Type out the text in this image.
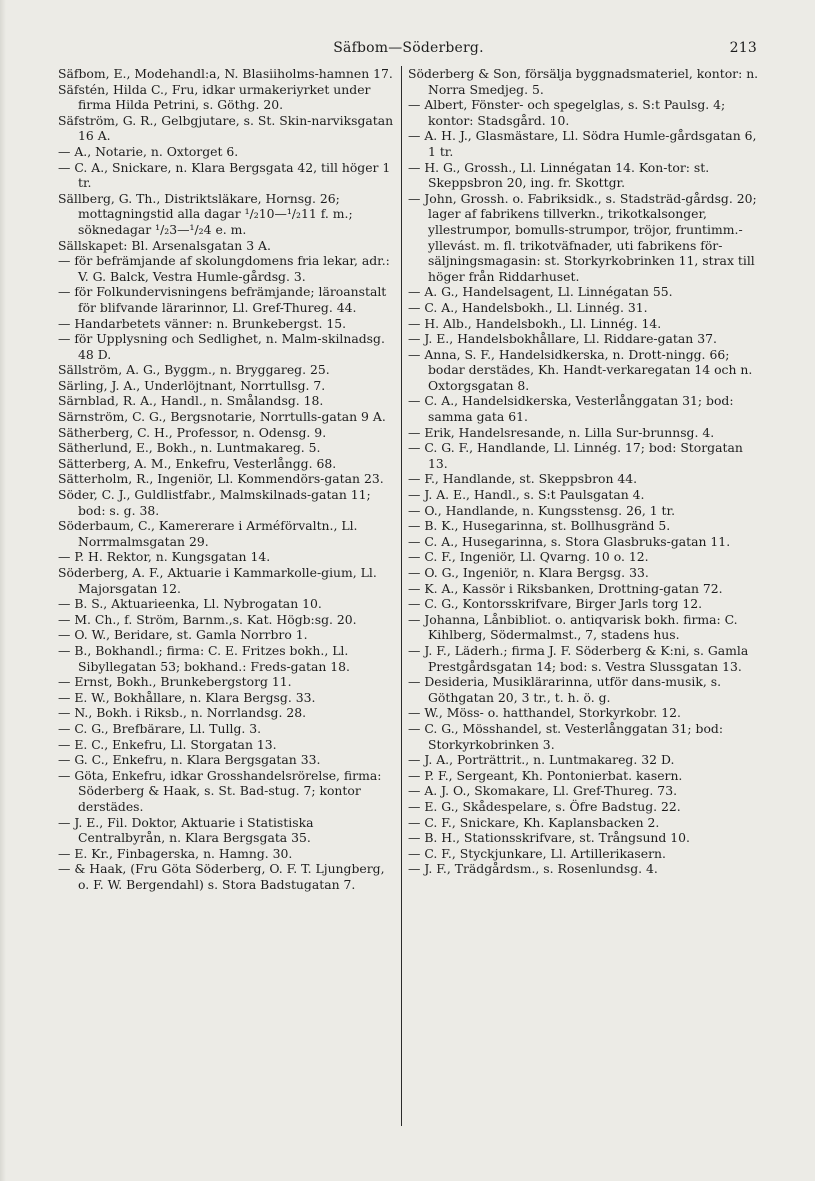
Säfbom—Söderberg.	213

Säfbom, E., Modehandl:a, N. Blasiiholms-hamnen 17.

Säfstén, Hilda C., Fru, idkar urmakeriyrket under firma Hilda Petrini, s. Göthg. 20.

Säfström, G. R., Gelbgjutare, s. St. Skin-narviksgatan 16 A.

— A., Notarie, n. Oxtorget 6.

— C. A., Snickare, n. Klara Bergsgata 42, till höger 1 tr.

Sällberg, G. Th., Distriktsläkare, Hornsg. 26; mottagningstid alla dagar ¹/₂10—¹/₂11 f. m.; söknedagar ¹/₂3—¹/₂4 e. m.

Sällskapet: Bl. Arsenalsgatan 3 A.

— för befrämjande af skolungdomens fria lekar, adr.: V. G. Balck, Vestra Humle-gårdsg. 3.

— för Folkundervisningens befrämjande; läroanstalt för blifvande lärarinnor, Ll. Gref-Thureg. 44.

— Handarbetets vänner: n. Brunkebergst. 15.

— för Upplysning och Sedlighet, n. Malm-skilnadsg. 48 D.

Sällström, A. G., Byggm., n. Bryggareg. 25.

Särling, J. A., Underlöjtnant, Norrtullsg. 7.

Särnblad, R. A., Handl., n. Smålandsg. 18.

Särnström, C. G., Bergsnotarie, Norrtulls-gatan 9 A.

Sätherberg, C. H., Professor, n. Odensg. 9.

Sätherlund, E., Bokh., n. Luntmakareg. 5.

Sätterberg, A. M., Enkefru, Vesterlångg. 68.

Sätterholm, R., Ingeniör, Ll. Kommendörs-gatan 23.

Söder, C. J., Guldlistfabr., Malmskilnads-gatan 11; bod: s. g. 38.

Söderbaum, C., Kamererare i Arméförvaltn., Ll. Norrmalmsgatan 29.

— P. H. Rektor, n. Kungsgatan 14.

Söderberg, A. F., Aktuarie i Kammarkolle-gium, Ll. Majorsgatan 12.

— B. S., Aktuarieenka, Ll. Nybrogatan 10.

— M. Ch., f. Ström, Barnm.,s. Kat. Högb:sg. 20.

— O. W., Beridare, st. Gamla Norrbro 1.

— B., Bokhandl.; firma: C. E. Fritzes bokh., Ll. Sibyllegatan 53; bokhand.: Freds-gatan 18.

— Ernst, Bokh., Brunkebergstorg 11.

— E. W., Bokhållare, n. Klara Bergsg. 33.

— N., Bokh. i Riksb., n. Norrlandsg. 28.

— C. G., Brefbärare, Ll. Tullg. 3.

— E. C., Enkefru, Ll. Storgatan 13.

— G. C., Enkefru, n. Klara Bergsgatan 33.

— Göta, Enkefru, idkar Grosshandelsrörelse, firma: Söderberg & Haak, s. St. Bad-stug. 7; kontor derstädes.

— J. E., Fil. Doktor, Aktuarie i Statistiska Centralbyrån, n. Klara Bergsgata 35.

— E. Kr., Finbagerska, n. Hamng. 30.

— & Haak, (Fru Göta Söderberg, O. F. T. Ljungberg, o. F. W. Bergendahl) s. Stora Badstugatan 7.

Söderberg & Son, försälja byggnadsmateriel, kontor: n. Norra Smedjeg. 5.

— Albert, Fönster- och spegelglas, s. S:t Paulsg. 4; kontor: Stadsgård. 10.

— A. H. J., Glasmästare, Ll. Södra Humle-gårdsgatan 6, 1 tr.

— H. G., Grossh., Ll. Linnégatan 14. Kon-tor: st. Skeppsbron 20, ing. fr. Skottgr.

— John, Grossh. o. Fabriksidk., s. Stadsträd-gårdsg. 20; lager af fabrikens tillverkn., trikotkalsonger, yllestrumpor, bomulls-strumpor, tröjor, fruntimm.-yllevást. m. fl. trikotväfnader, uti fabrikens för-säljningsmagasin: st. Storkyrkobrinken 11, strax till höger från Riddarhuset.

— A. G., Handelsagent, Ll. Linnégatan 55.

— C. A., Handelsbokh., Ll. Linnég. 31.

— H. Alb., Handelsbokh., Ll. Linnég. 14.

— J. E., Handelsbokhållare, Ll. Riddare-gatan 37.

— Anna, S. F., Handelsidkerska, n. Drott-ningg. 66; bodar derstädes, Kh. Handt-verkaregatan 14 och n. Oxtorgsgatan 8.

— C. A., Handelsidkerska, Vesterlånggatan 31; bod: samma gata 61.

— Erik, Handelsresande, n. Lilla Sur-brunnsg. 4.

— C. G. F., Handlande, Ll. Linnég. 17; bod: Storgatan 13.

— F., Handlande, st. Skeppsbron 44.

— J. A. E., Handl., s. S:t Paulsgatan 4.

— O., Handlande, n. Kungsstensg. 26, 1 tr.

— B. K., Husegarinna, st. Bollhusgränd 5.

— C. A., Husegarinna, s. Stora Glasbruks-gatan 11.

— C. F., Ingeniör, Ll. Qvarng. 10 o. 12.

— O. G., Ingeniör, n. Klara Bergsg. 33.

— K. A., Kassör i Riksbanken, Drottning-gatan 72.

— C. G., Kontorsskrifvare, Birger Jarls torg 12.

— Johanna, Lånbibliot. o. antiqvarisk bokh. firma: C. Kihlberg, Södermalmst., 7, stadens hus.

— J. F., Läderh.; firma J. F. Söderberg & K:ni, s. Gamla Prestgårdsgatan 14; bod: s. Vestra Slussgatan 13.

— Desideria, Musiklärarinna, utför dans-musik, s. Göthgatan 20, 3 tr., t. h. ö. g.

— W., Möss- o. hatthandel, Storkyrkobr. 12.

— C. G., Mösshandel, st. Vesterlånggatan 31; bod: Storkyrkobrinken 3.

— J. A., Porträttrit., n. Luntmakareg. 32 D.

— P. F., Sergeant, Kh. Pontonierbat. kasern.

— A. J. O., Skomakare, Ll. Gref-Thureg. 73.

— E. G., Skådespelare, s. Öfre Badstug. 22.

— C. F., Snickare, Kh. Kaplansbacken 2.

— B. H., Stationsskrifvare, st. Trångsund 10.

— C. F., Styckjunkare, Ll. Artillerikasern.

— J. F., Trädgårdsm., s. Rosenlundsg. 4.
